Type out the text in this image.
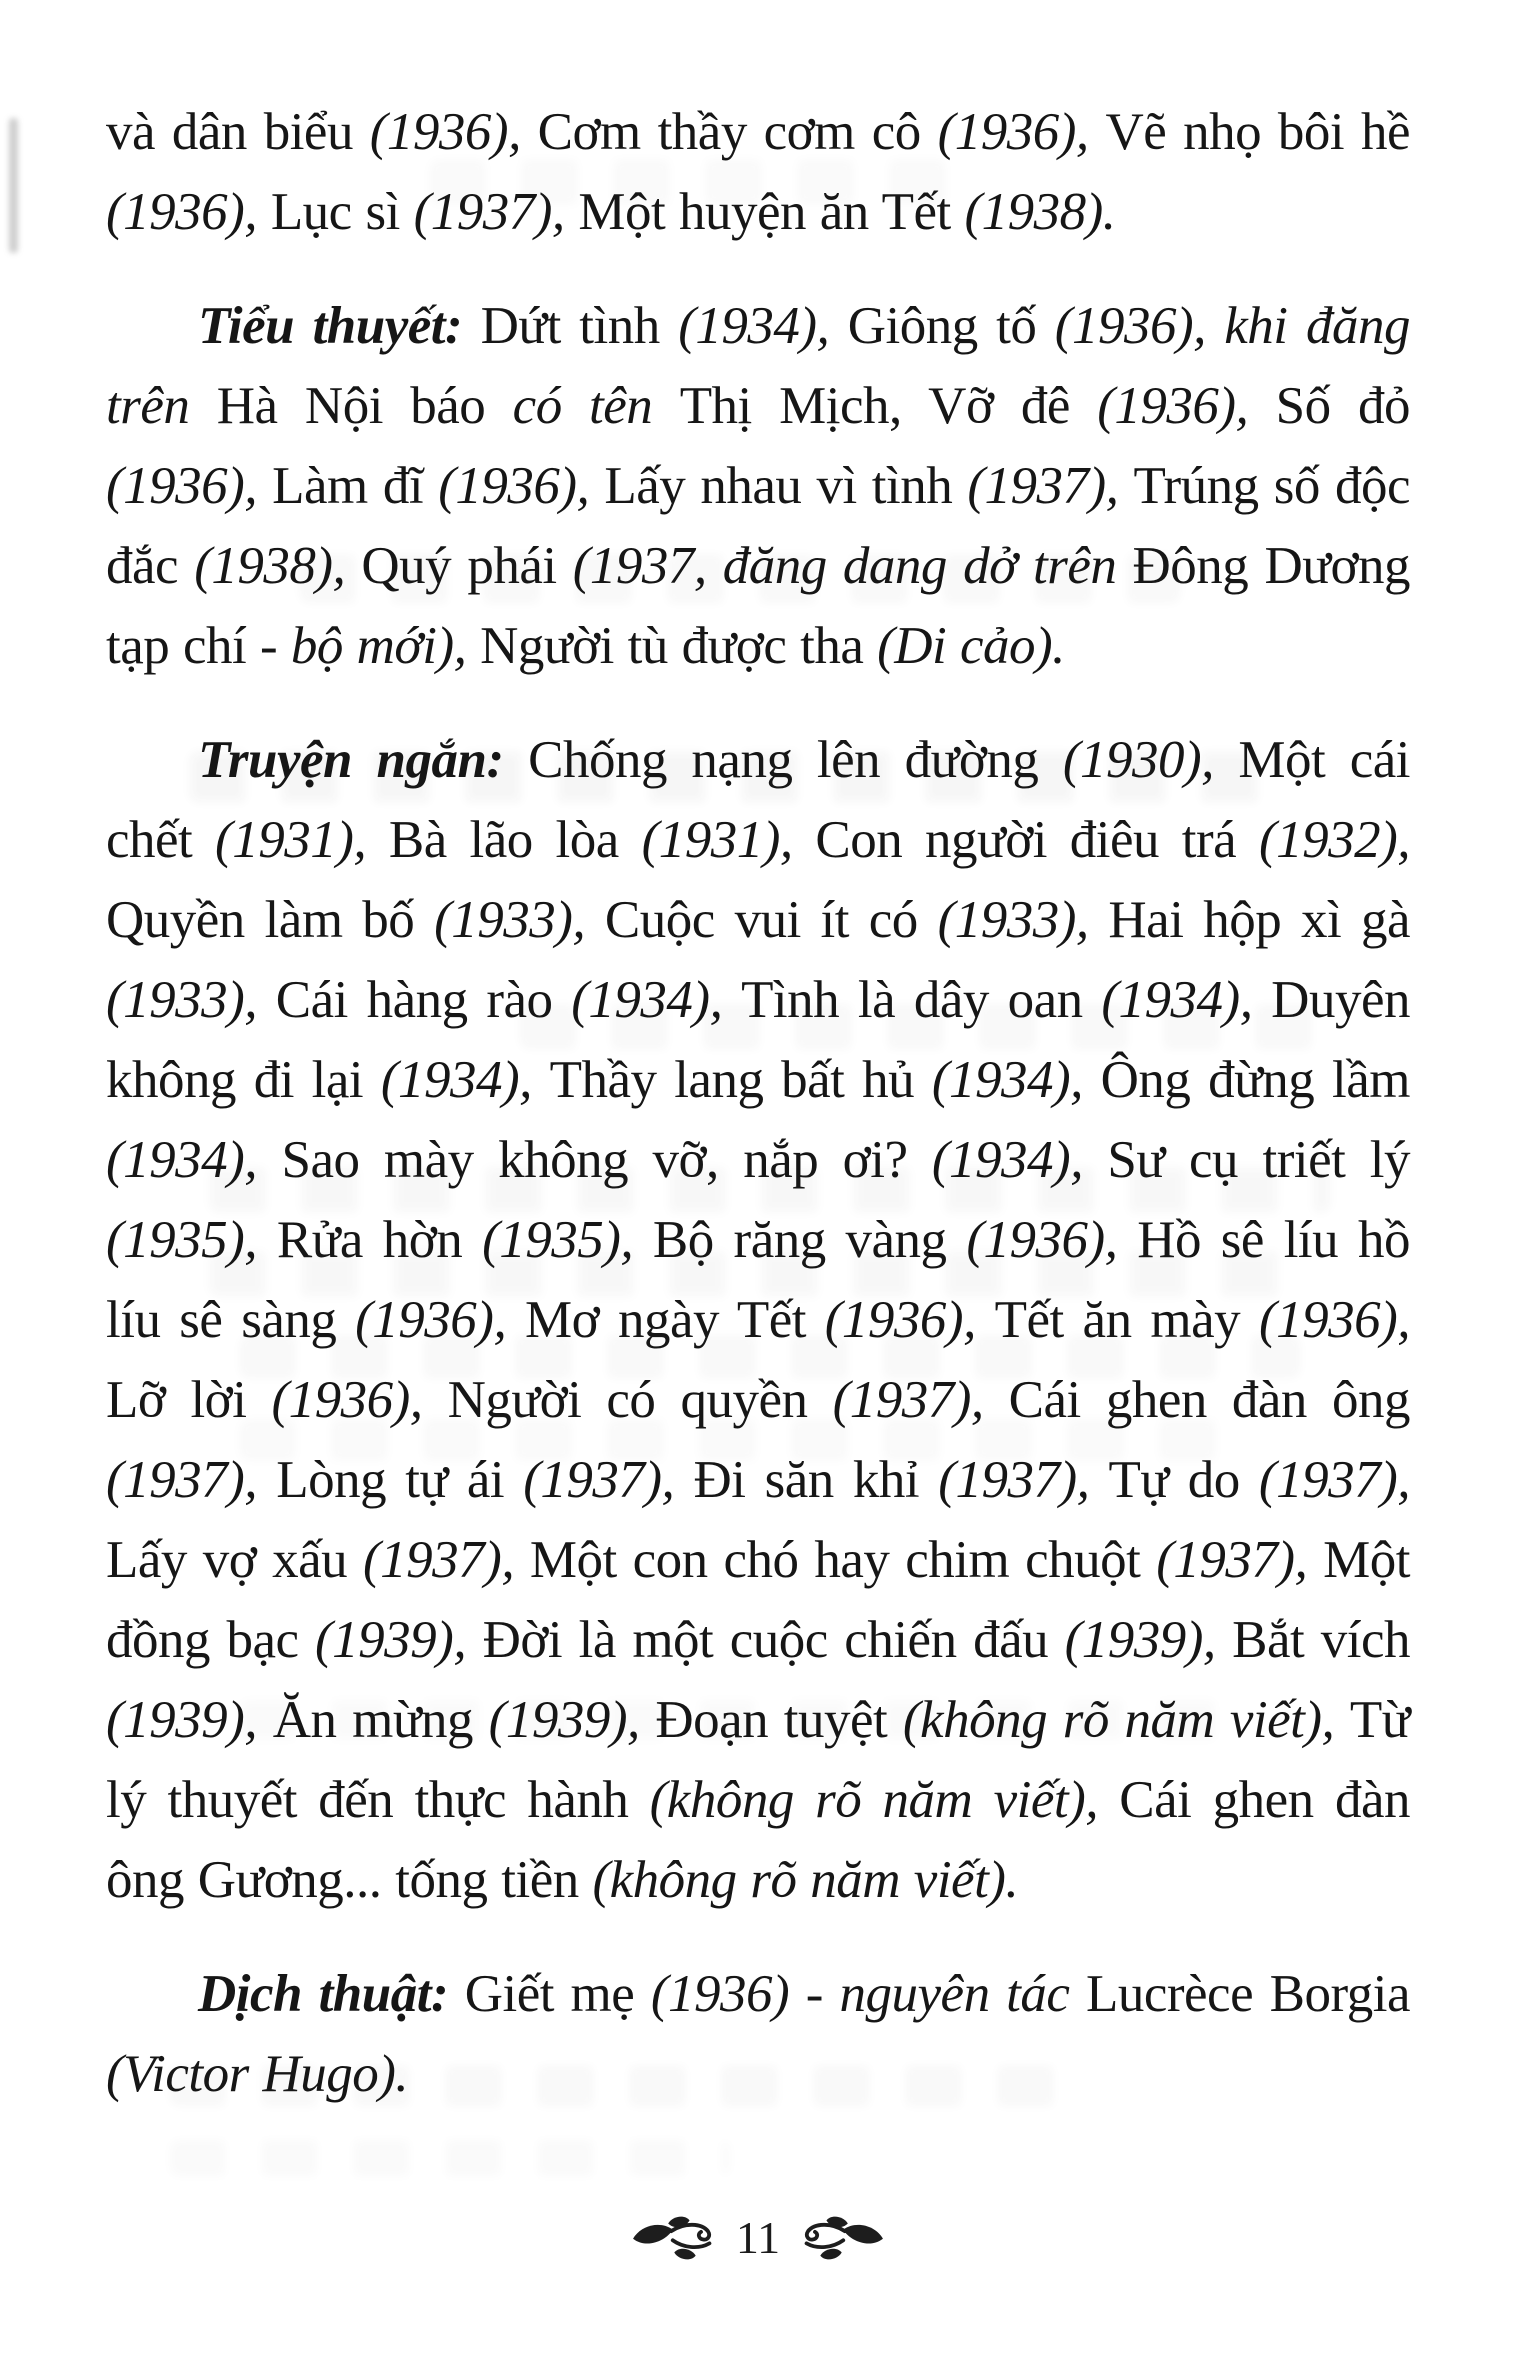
và dân biểu (1936), Cơm thầy cơm cô (1936), Vẽ nhọ bôi hề (1936), Lục sì (1937), Một huyện ăn Tết (1938).

Tiểu thuyết: Dứt tình (1934), Giông tố (1936), khi đăng trên Hà Nội báo có tên Thị Mịch, Vỡ đê (1936), Số đỏ (1936), Làm đĩ (1936), Lấy nhau vì tình (1937), Trúng số độc đắc (1938), Quý phái (1937, đăng dang dở trên Đông Dương tạp chí - bộ mới), Người tù được tha (Di cảo).

Truyện ngắn: Chống nạng lên đường (1930), Một cái chết (1931), Bà lão lòa (1931), Con người điêu trá (1932), Quyền làm bố (1933), Cuộc vui ít có (1933), Hai hộp xì gà (1933), Cái hàng rào (1934), Tình là dây oan (1934), Duyên không đi lại (1934), Thầy lang bất hủ (1934), Ông đừng lầm (1934), Sao mày không vỡ, nắp ơi? (1934), Sư cụ triết lý (1935), Rửa hờn (1935), Bộ răng vàng (1936), Hồ sê líu hồ líu sê sàng (1936), Mơ ngày Tết (1936), Tết ăn mày (1936), Lỡ lời (1936), Người có quyền (1937), Cái ghen đàn ông (1937), Lòng tự ái (1937), Đi săn khỉ (1937), Tự do (1937), Lấy vợ xấu (1937), Một con chó hay chim chuột (1937), Một đồng bạc (1939), Đời là một cuộc chiến đấu (1939), Bắt vích (1939), Ăn mừng (1939), Đoạn tuyệt (không rõ năm viết), Từ lý thuyết đến thực hành (không rõ năm viết), Cái ghen đàn ông Gương... tống tiền (không rõ năm viết).

Dịch thuật: Giết mẹ (1936) - nguyên tác Lucrèce Borgia (Victor Hugo).

11
